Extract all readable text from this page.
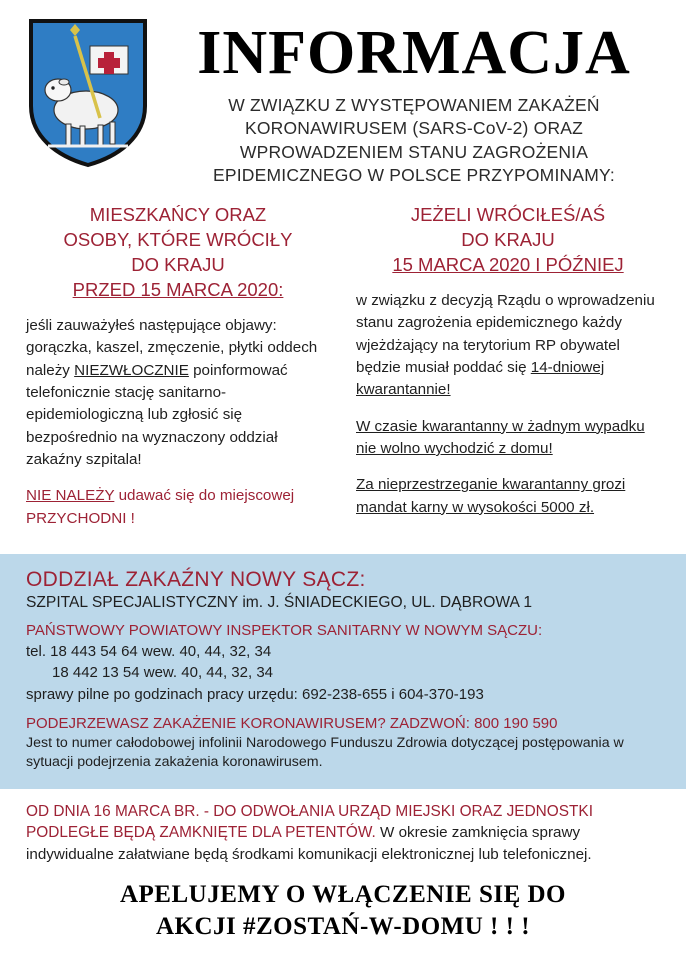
INFORMACJA
W ZWIĄZKU Z WYSTĘPOWANIEM ZAKAŻEŃ
KORONAWIRUSEM (SARS-CoV-2) ORAZ
WPROWADZENIEM STANU ZAGROŻENIA
EPIDEMICZNEGO W POLSCE PRZYPOMINAMY:
MIESZKAŃCY ORAZ
OSOBY, KTÓRE WRÓCIŁY
DO KRAJU
PRZED 15 MARCA 2020:

jeśli zauważyłeś następujące objawy: gorączka, kaszel, zmęczenie, płytki oddech należy NIEZWŁOCZNIE poinformować telefonicznie stację sanitarno-epidemiologiczną lub zgłosić się bezpośrednio na wyznaczony oddział zakaźny szpitala!

NIE NALEŻY udawać się do miejscowej PRZYCHODNI !

JEŻELI WRÓCIŁEŚ/AŚ
DO KRAJU
15 MARCA 2020 I PÓŹNIEJ

w związku z decyzją Rządu o wprowadzeniu stanu zagrożenia epidemicznego każdy wjeżdżający na terytorium RP obywatel będzie musiał poddać się 14-dniowej kwarantannie!

W czasie kwarantanny w żadnym wypadku nie wolno wychodzić z domu!

Za nieprzestrzeganie kwarantanny grozi mandat karny w wysokości 5000 zł.

ODDZIAŁ ZAKAŹNY NOWY SĄCZ:
SZPITAL SPECJALISTYCZNY im. J. ŚNIADECKIEGO, UL. DĄBROWA 1
PAŃSTWOWY POWIATOWY INSPEKTOR SANITARNY W NOWYM SĄCZU:
tel. 18 443 54 64 wew. 40, 44, 32, 34
18 442 13 54 wew. 40, 44, 32, 34
sprawy pilne po godzinach pracy urzędu: 692-238-655 i 604-370-193
PODEJRZEWASZ ZAKAŻENIE KORONAWIRUSEM? ZADZWOŃ: 800 190 590
Jest to numer całodobowej infolinii Narodowego Funduszu Zdrowia dotyczącej postępowania w sytuacji podejrzenia zakażenia koronawirusem.
OD DNIA 16 MARCA BR. - DO ODWOŁANIA URZĄD MIEJSKI ORAZ JEDNOSTKI PODLEGŁE BĘDĄ ZAMKNIĘTE DLA PETENTÓW. W okresie zamknięcia sprawy indywidualne załatwiane będą środkami komunikacji elektronicznej lub telefonicznej.
APELUJEMY O WŁĄCZENIE SIĘ DO
AKCJI #ZOSTAŃ-W-DOMU ! ! !
